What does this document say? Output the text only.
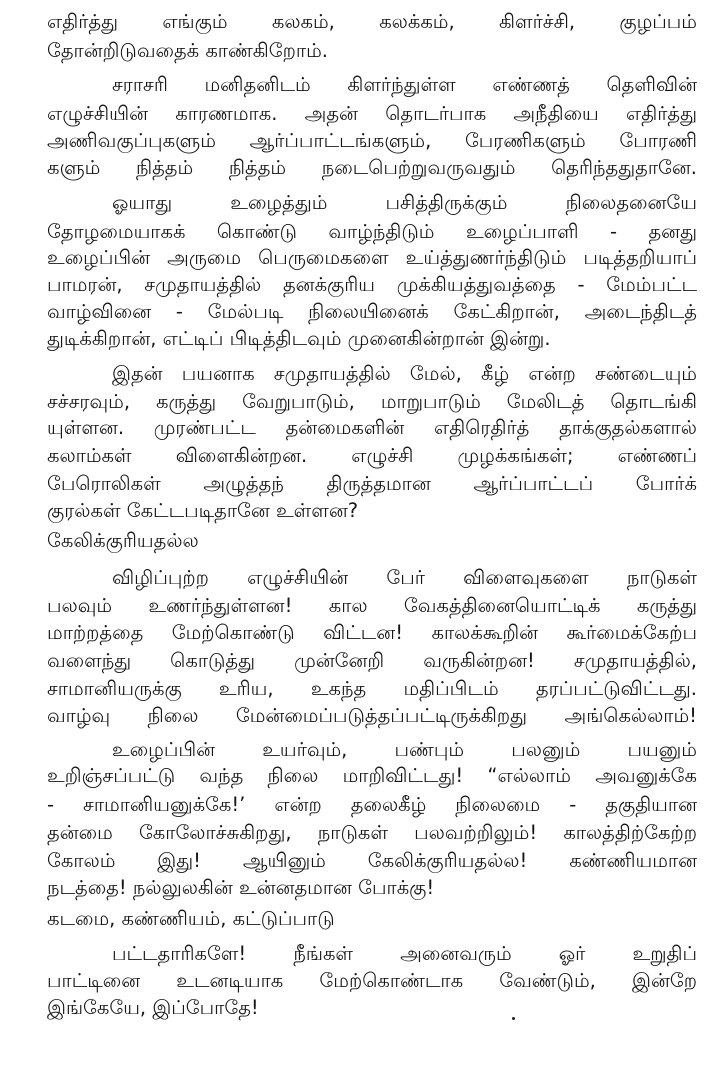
எதிர்த்து எங்கும் கலகம், கலக்கம், கிளர்ச்சி, குழப்பம்

தோன்றிடுவதைக் காண்கிறோம்.

சராசரி மனிதனிடம் கிளர்ந்துள்ள எண்ணத் தெளிவின்

எழுச்சியின் காரணமாக. அதன் தொடர்பாக அநீதியை எதிர்த்து

அணிவகுப்புகளும் ஆர்ப்பாட்டங்களும், பேரணிகளும் போரணி

களும் நித்தம் நித்தம் நடைபெற்றுவருவதும் தெரிந்ததுதானே.

ஓயாது உழைத்தும் பசித்திருக்கும் நிலைதனையே

தோழமையாகக் கொண்டு வாழ்ந்திடும் உழைப்பாளி - தனது

உழைப்பின் அருமை பெருமைகளை உய்த்துணர்ந்திடும் படித்தறியாப்

பாமரன், சமுதாயத்தில் தனக்குரிய முக்கியத்துவத்தை - மேம்பட்ட

வாழ்வினை - மேல்படி நிலையினைக் கேட்கிறான், அடைந்திடத்

துடிக்கிறான், எட்டிப் பிடித்திடவும் முனைகின்றான் இன்று.

இதன் பயனாக சமுதாயத்தில் மேல், கீழ் என்ற சண்டையும்

சச்சரவும், கருத்து வேறுபாடும், மாறுபாடும் மேலிடத் தொடங்கி

யுள்ளன. முரண்பட்ட தன்மைகளின் எதிரெதிர்த் தாக்குதல்களால்

கலாம்கள் விளைகின்றன. எழுச்சி முழக்கங்கள்; எண்ணப்

பேரொலிகள் அழுத்தந் திருத்தமான ஆர்ப்பாட்டப் போர்க்

குரல்கள் கேட்டபடிதானே உள்ளன?

கேலிக்குரியதல்ல

விழிப்புற்ற எழுச்சியின் பேர் விளைவுகளை நாடுகள்

பலவும் உணர்ந்துள்ளன! கால வேகத்தினையொட்டிக் கருத்து

மாற்றத்தை மேற்கொண்டு விட்டன! காலக்கூறின் கூர்மைக்கேற்ப

வளைந்து கொடுத்து முன்னேறி வருகின்றன! சமுதாயத்தில்,

சாமானியருக்கு உரிய, உகந்த மதிப்பிடம் தரப்பட்டுவிட்டது.

வாழ்வு நிலை மேன்மைப்படுத்தப்பட்டிருக்கிறது அங்கெல்லாம்!

உழைப்பின் உயர்வும், பண்பும் பலனும் பயனும்

உறிஞ்சப்பட்டு வந்த நிலை மாறிவிட்டது! “எல்லாம் அவனுக்கே

- சாமானியனுக்கே!’ என்ற தலைகீழ் நிலைமை - தகுதியான

தன்மை கோலோச்சுகிறது, நாடுகள் பலவற்றிலும்! காலத்திற்கேற்ற

கோலம் இது! ஆயினும் கேலிக்குரியதல்ல! கண்ணியமான

நடத்தை! நல்லுலகின் உன்னதமான போக்கு!

கடமை, கண்ணியம், கட்டுப்பாடு

பட்டதாரிகளே! நீங்கள் அனைவரும் ஓர் உறுதிப்

பாட்டினை உடனடியாக மேற்கொண்டாக வேண்டும், இன்றே

இங்கேயே, இப்போதே!
